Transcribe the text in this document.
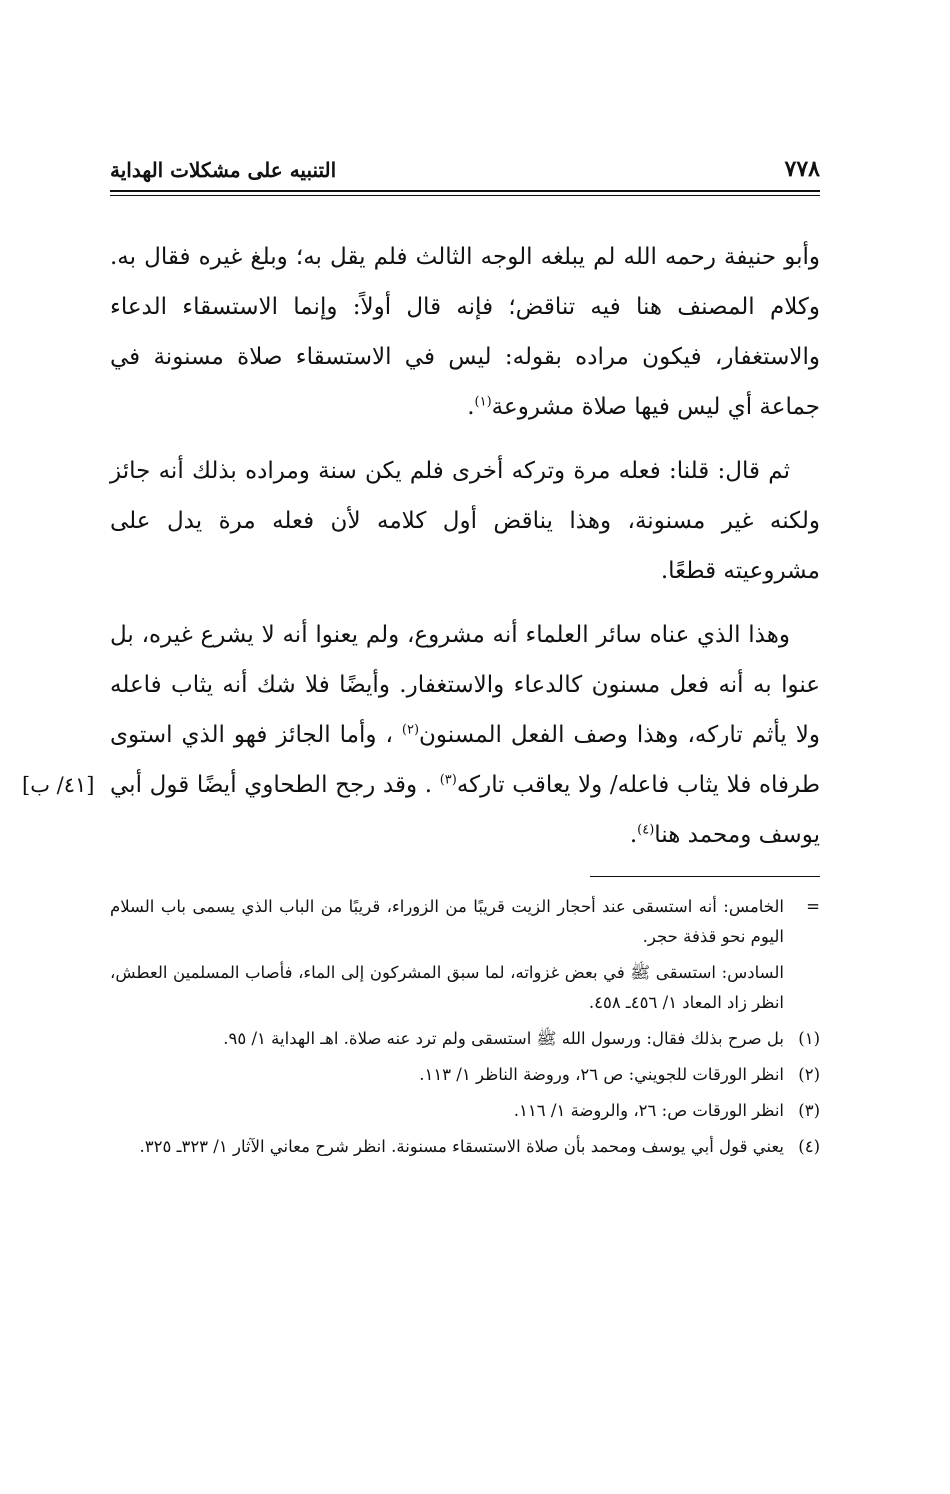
٧٧٨
التنبيه على مشكلات الهداية

وأبو حنيفة رحمه الله لم يبلغه الوجه الثالث فلم يقل به؛ وبلغ غيره فقال به. وكلام المصنف هنا فيه تناقض؛ فإنه قال أولاً: وإنما الاستسقاء الدعاء والاستغفار، فيكون مراده بقوله: ليس في الاستسقاء صلاة مسنونة في جماعة أي ليس فيها صلاة مشروعة$^{(١)}$.

ثم قال: قلنا: فعله مرة وتركه أخرى فلم يكن سنة ومراده بذلك أنه جائز ولكنه غير مسنونة، وهذا يناقض أول كلامه لأن فعله مرة يدل على مشروعيته قطعًا.

وهذا الذي عناه سائر العلماء أنه مشروع، ولم يعنوا أنه لا يشرع غيره، بل عنوا به أنه فعل مسنون كالدعاء والاستغفار. وأيضًا فلا شك أنه يثاب فاعله ولا يأثم تاركه، وهذا وصف الفعل المسنون$^{(٢)}$ ، وأما الجائز فهو الذي استوى طرفاه فلا يثاب فاعله/ ولا يعاقب تاركه$^{(٣)}$ . وقد رجح الطحاوي أيضًا قول أبي يوسف ومحمد هنا$^{(٤)}$.
[٤١/ ب]

=
الخامس: أنه استسقى عند أحجار الزيت قريبًا من الزوراء، قريبًا من الباب الذي يسمى باب السلام اليوم نحو قذفة حجر.
السادس: استسقى ﷺ في بعض غزواته، لما سبق المشركون إلى الماء، فأصاب المسلمين العطش، انظر زاد المعاد ١/ ٤٥٦ـ ٤٥٨.
(١)
بل صرح بذلك فقال: ورسول الله ﷺ استسقى ولم ترد عنه صلاة. اهـ الهداية ١/ ٩٥.
(٢)
انظر الورقات للجويني: ص ٢٦، وروضة الناظر ١/ ١١٣.
(٣)
انظر الورقات ص: ٢٦، والروضة ١/ ١١٦.
(٤)
يعني قول أبي يوسف ومحمد بأن صلاة الاستسقاء مسنونة. انظر شرح معاني الآثار ١/ ٣٢٣ـ ٣٢٥.
